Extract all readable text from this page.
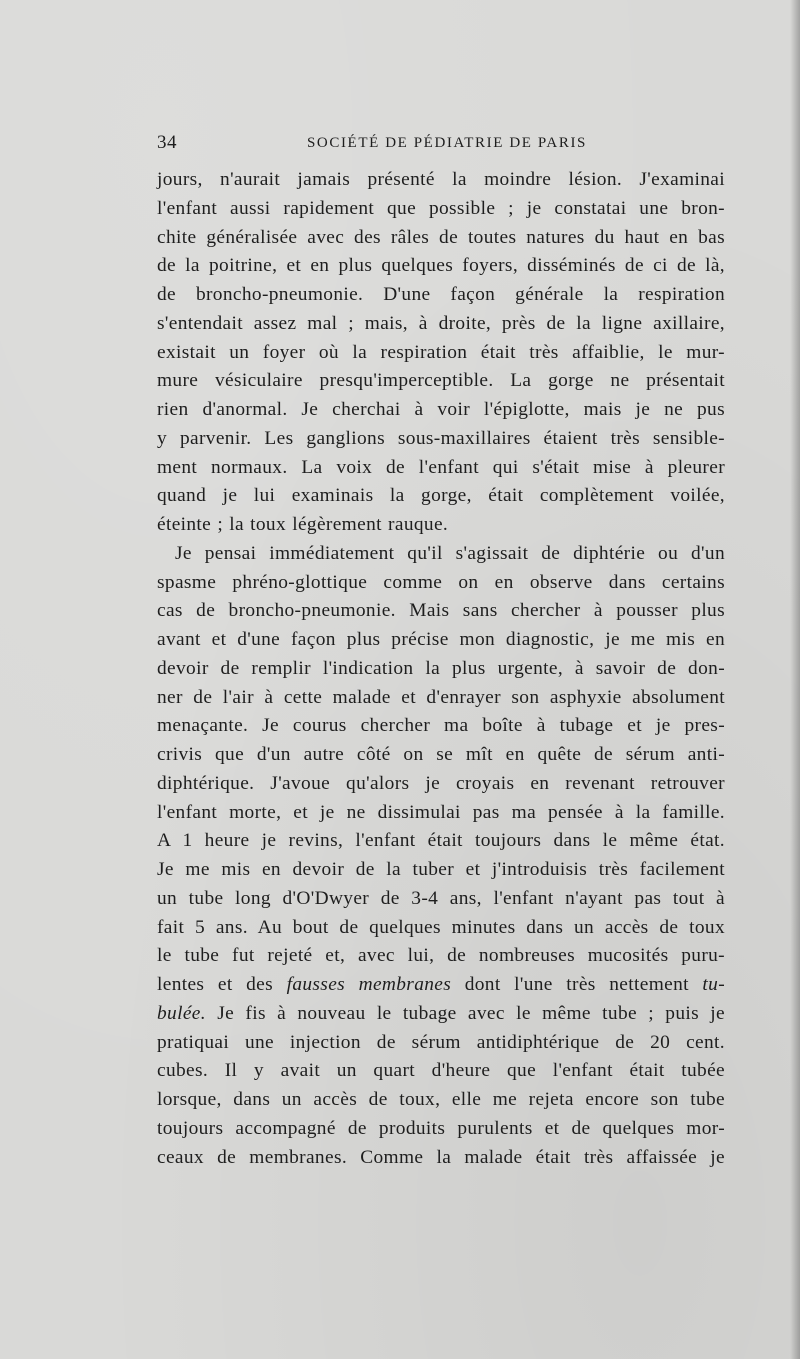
34	SOCIÉTÉ DE PÉDIATRIE DE PARIS
jours, n'aurait jamais présenté la moindre lésion. J'examinai
l'enfant aussi rapidement que possible ; je constatai une bron-
chite généralisée avec des râles de toutes natures du haut en bas
de la poitrine, et en plus quelques foyers, disséminés de ci de là,
de broncho-pneumonie. D'une façon générale la respiration
s'entendait assez mal ; mais, à droite, près de la ligne axillaire,
existait un foyer où la respiration était très affaiblie, le mur-
mure vésiculaire presqu'imperceptible. La gorge ne présentait
rien d'anormal. Je cherchai à voir l'épiglotte, mais je ne pus
y parvenir. Les ganglions sous-maxillaires étaient très sensible-
ment normaux. La voix de l'enfant qui s'était mise à pleurer
quand je lui examinais la gorge, était complètement voilée,
éteinte ; la toux légèrement rauque.
Je pensai immédiatement qu'il s'agissait de diphtérie ou d'un
spasme phréno-glottique comme on en observe dans certains
cas de broncho-pneumonie. Mais sans chercher à pousser plus
avant et d'une façon plus précise mon diagnostic, je me mis en
devoir de remplir l'indication la plus urgente, à savoir de don-
ner de l'air à cette malade et d'enrayer son asphyxie absolument
menaçante. Je courus chercher ma boîte à tubage et je pres-
crivis que d'un autre côté on se mît en quête de sérum anti-
diphtérique. J'avoue qu'alors je croyais en revenant retrouver
l'enfant morte, et je ne dissimulai pas ma pensée à la famille.
A 1 heure je revins, l'enfant était toujours dans le même état.
Je me mis en devoir de la tuber et j'introduisis très facilement
un tube long d'O'Dwyer de 3-4 ans, l'enfant n'ayant pas tout à
fait 5 ans. Au bout de quelques minutes dans un accès de toux
le tube fut rejeté et, avec lui, de nombreuses mucosités puru-
lentes et des fausses membranes dont l'une très nettement tu-
bulée. Je fis à nouveau le tubage avec le même tube ; puis je
pratiquai une injection de sérum antidiphtérique de 20 cent.
cubes. Il y avait un quart d'heure que l'enfant était tubée
lorsque, dans un accès de toux, elle me rejeta encore son tube
toujours accompagné de produits purulents et de quelques mor-
ceaux de membranes. Comme la malade était très affaissée je
